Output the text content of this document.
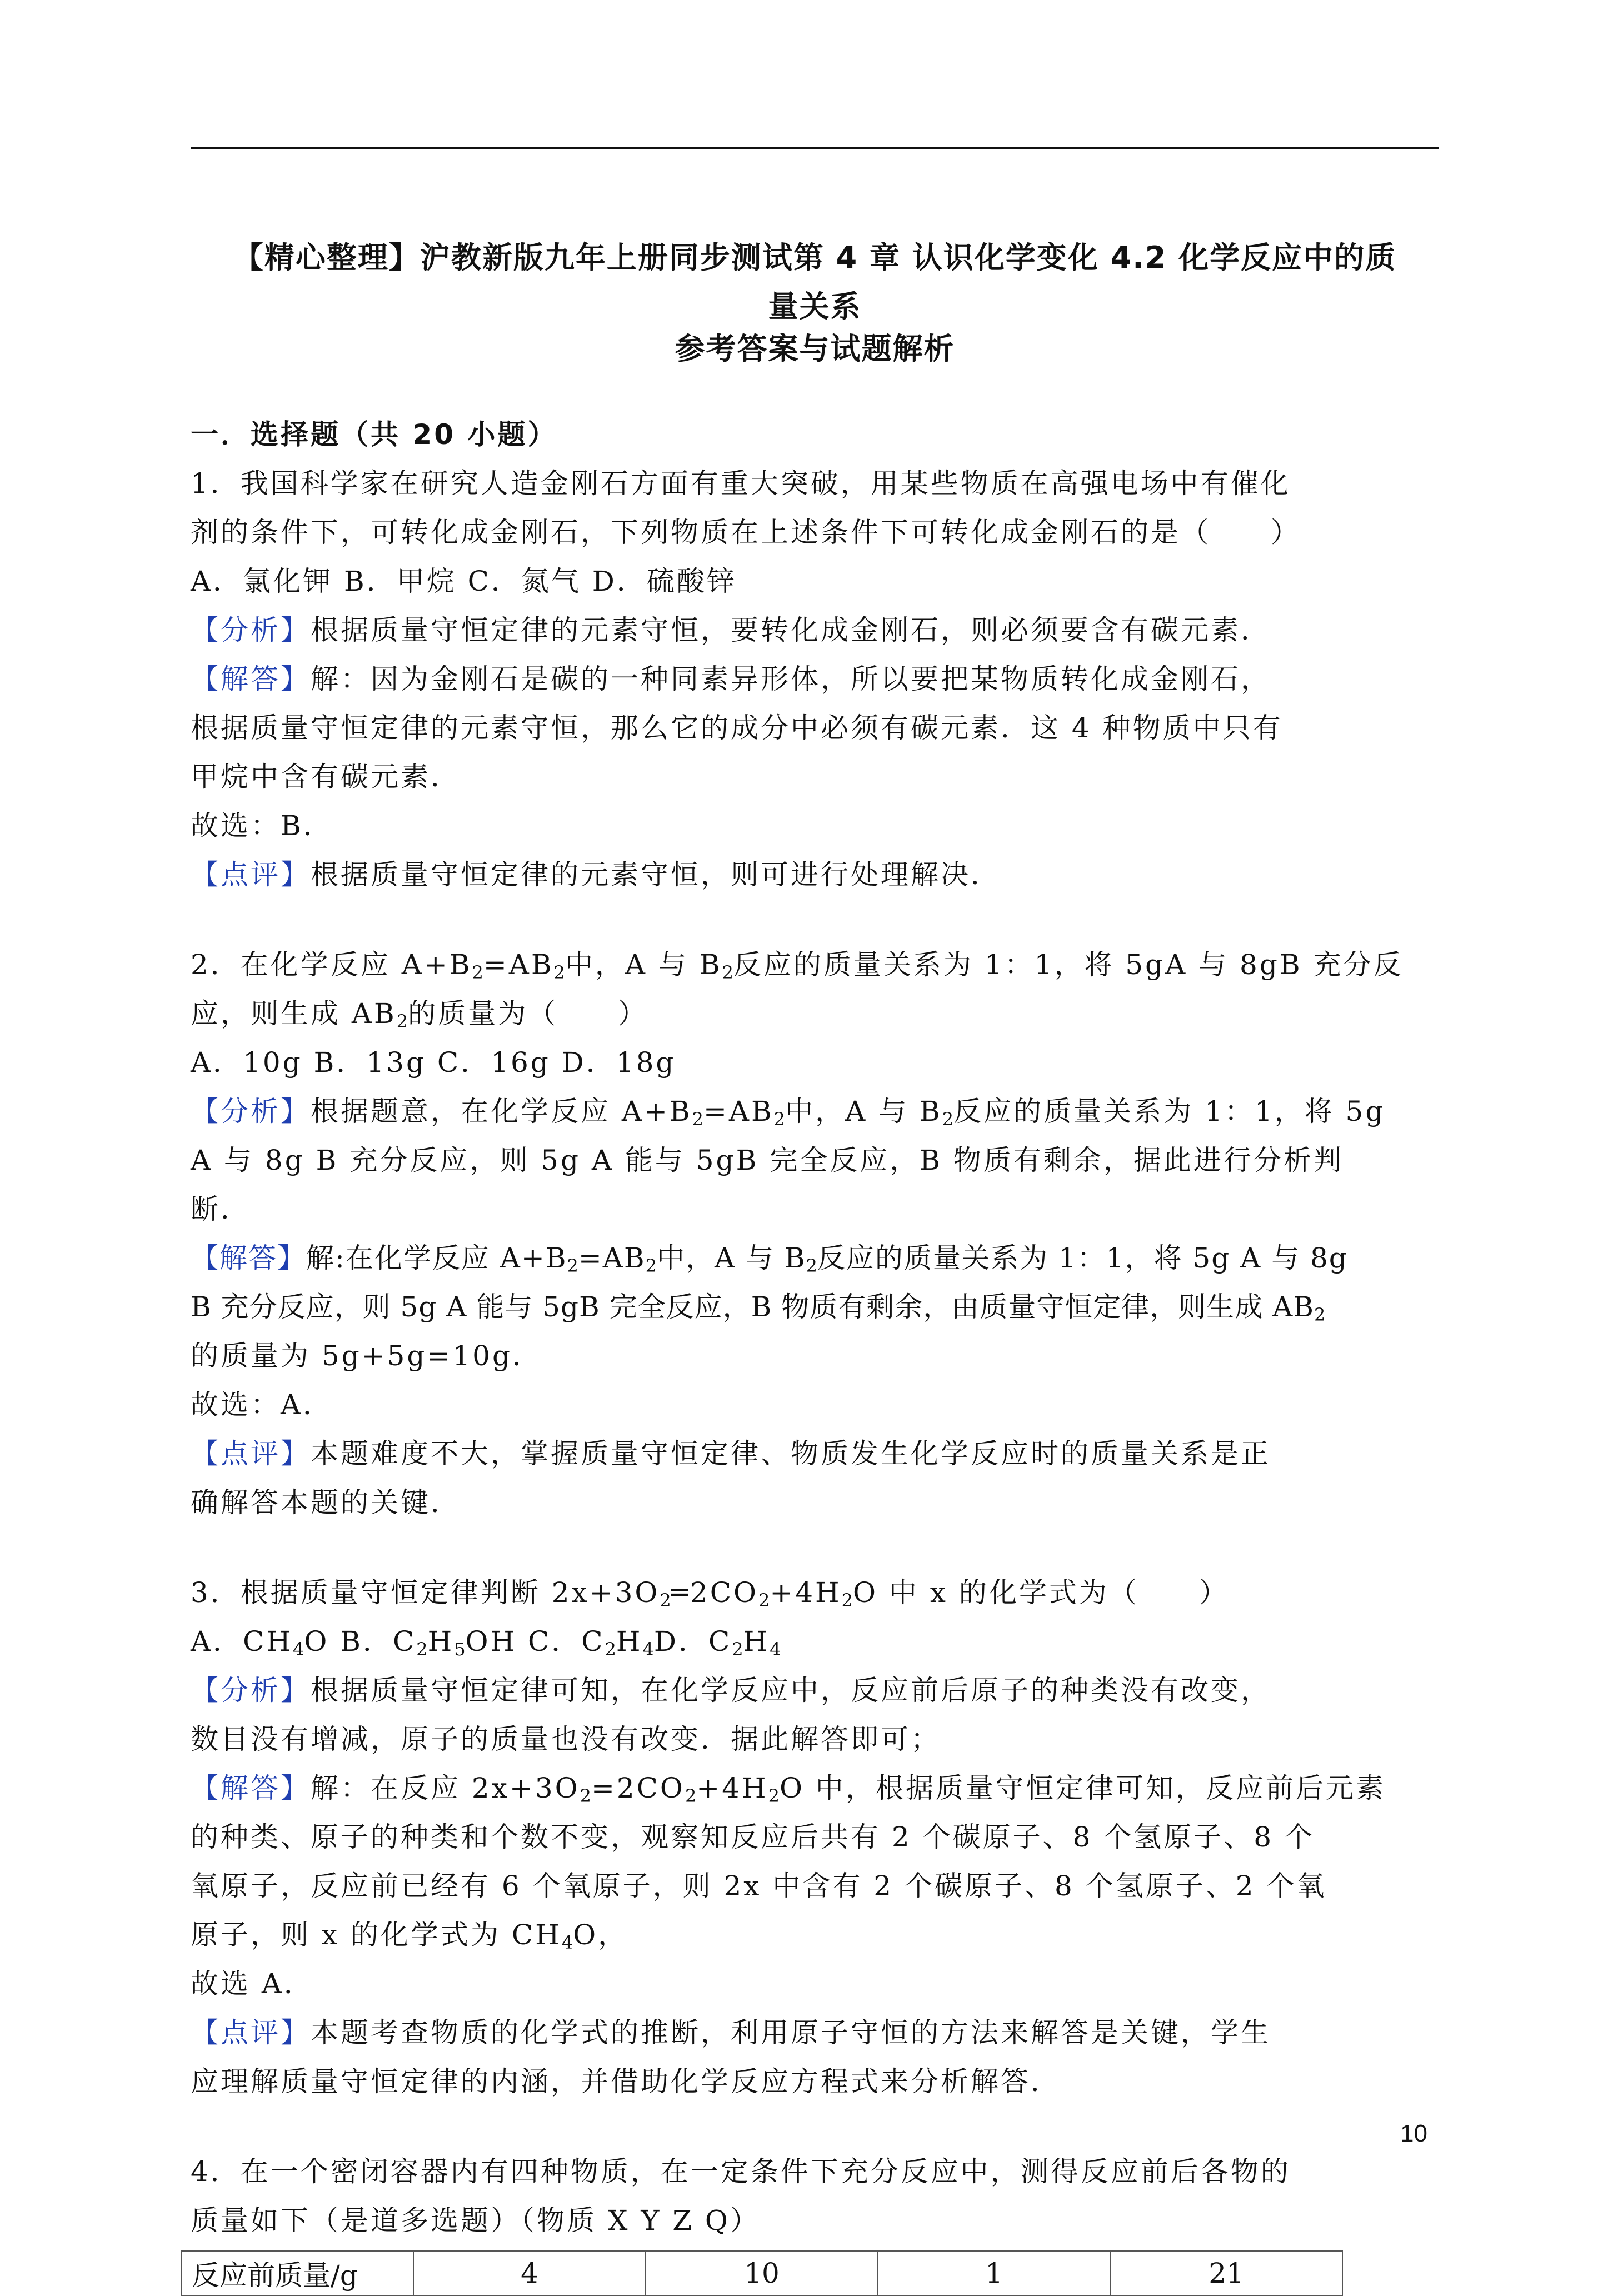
【精心整理】沪教新版九年上册同步测试第 4 章 认识化学变化 4.2 化学反应中的质
量关系
参考答案与试题解析
一．选择题（共 20 小题）
1．我国科学家在研究人造金刚石方面有重大突破，用某些物质在高强电场中有催化
剂的条件下，可转化成金刚石，下列物质在上述条件下可转化成金刚石的是（　　）
A．氯化钾 B．甲烷 C．氮气 D．硫酸锌
【分析】根据质量守恒定律的元素守恒，要转化成金刚石，则必须要含有碳元素．
【解答】解：因为金刚石是碳的一种同素异形体，所以要把某物质转化成金刚石，
根据质量守恒定律的元素守恒，那么它的成分中必须有碳元素．这 4 种物质中只有
甲烷中含有碳元素．
故选：B．
【点评】根据质量守恒定律的元素守恒，则可进行处理解决．
2．在化学反应 $A+B_2=AB_2$中，A 与 $B_2$反应的质量关系为 1：1，将 5gA 与 8gB 充分反
应，则生成 $AB_2$的质量为（　　）
A．10g B．13g C．16g D．18g
【分析】根据题意，在化学反应 $A+B_2=AB_2$中，A 与 $B_2$反应的质量关系为 1：1，将 5g
A 与 8g B 充分反应，则 5g A 能与 5gB 完全反应，B 物质有剩余，据此进行分析判
断．
【解答】解:在化学反应 $A+B_2=AB_2$中，A 与 $B_2$反应的质量关系为 1：1，将 5g A 与 8g
B 充分反应，则 5g A 能与 5gB 完全反应，B 物质有剩余，由质量守恒定律，则生成 $AB_2$
的质量为 5g+5g=10g．
故选：A．
【点评】本题难度不大，掌握质量守恒定律、物质发生化学反应时的质量关系是正
确解答本题的关键．
3．根据质量守恒定律判断 $2x+3O_2═2CO_2+4H_2O$ 中 x 的化学式为（　　）
A．$CH_4O$ B．$C_2H_5OH$ C．$C_2H_4D$．$C_2H_4$
【分析】根据质量守恒定律可知，在化学反应中，反应前后原子的种类没有改变，
数目没有增减，原子的质量也没有改变．据此解答即可；
【解答】解：在反应 $2x+3O_2=2CO_2+4H_2O$ 中，根据质量守恒定律可知，反应前后元素
的种类、原子的种类和个数不变，观察知反应后共有 2 个碳原子、8 个氢原子、8 个
氧原子，反应前已经有 6 个氧原子，则 2x 中含有 2 个碳原子、8 个氢原子、2 个氧
原子，则 x 的化学式为 $CH_4O$，
故选 A．
【点评】本题考查物质的化学式的推断，利用原子守恒的方法来解答是关键，学生
应理解质量守恒定律的内涵，并借助化学反应方程式来分析解答．
4．在一个密闭容器内有四种物质，在一定条件下充分反应中，测得反应前后各物的
质量如下（是道多选题）（物质 X Y Z Q）
反应前质量/g	4	10	1	21
10
